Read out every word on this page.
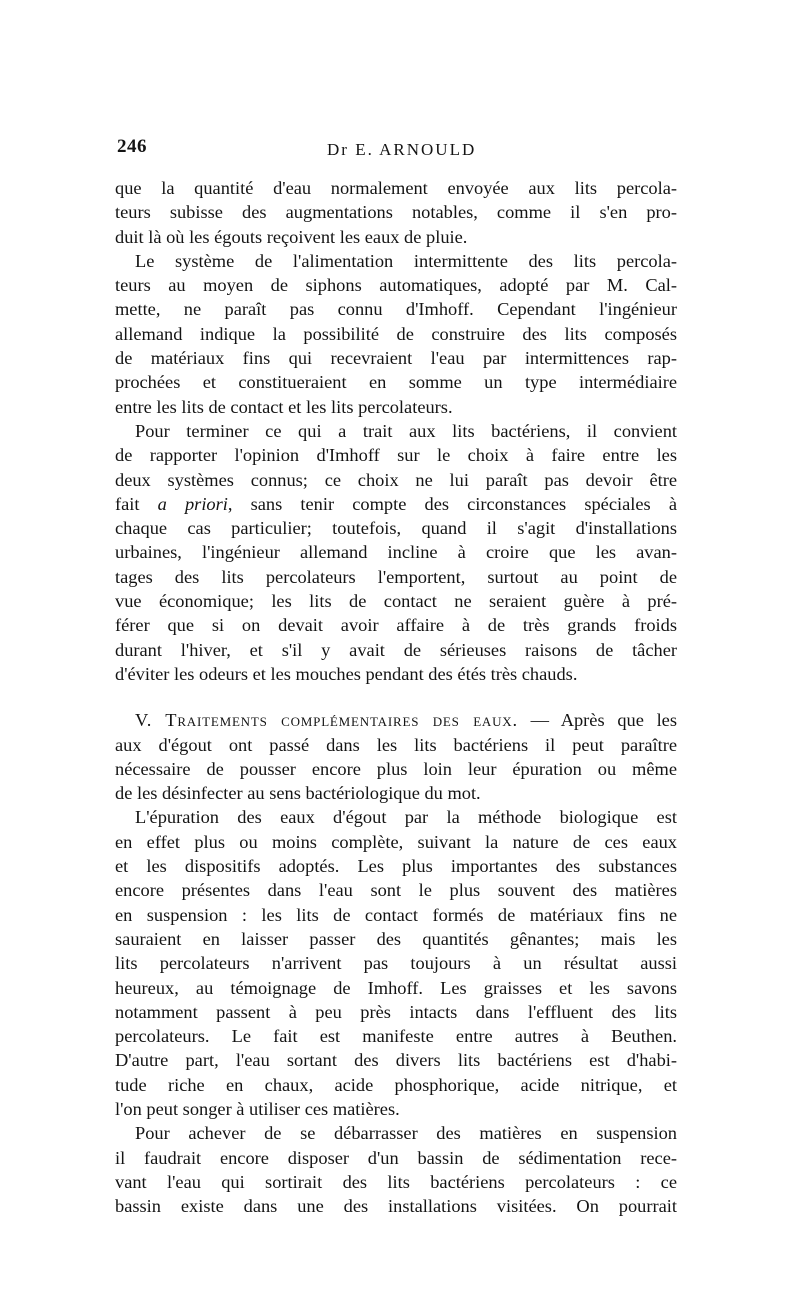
246	Dr E. ARNOULD
que la quantité d'eau normalement envoyée aux lits percola-
teurs subisse des augmentations notables, comme il s'en pro-
duit là où les égouts reçoivent les eaux de pluie.
Le système de l'alimentation intermittente des lits percola-
teurs au moyen de siphons automatiques, adopté par M. Cal-
mette, ne paraît pas connu d'Imhoff. Cependant l'ingénieur
allemand indique la possibilité de construire des lits composés
de matériaux fins qui recevraient l'eau par intermittences rap-
prochées et constitueraient en somme un type intermédiaire
entre les lits de contact et les lits percolateurs.
Pour terminer ce qui a trait aux lits bactériens, il convient
de rapporter l'opinion d'Imhoff sur le choix à faire entre les
deux systèmes connus; ce choix ne lui paraît pas devoir être
fait a priori, sans tenir compte des circonstances spéciales à
chaque cas particulier; toutefois, quand il s'agit d'installations
urbaines, l'ingénieur allemand incline à croire que les avan-
tages des lits percolateurs l'emportent, surtout au point de
vue économique; les lits de contact ne seraient guère à pré-
férer que si on devait avoir affaire à de très grands froids
durant l'hiver, et s'il y avait de sérieuses raisons de tâcher
d'éviter les odeurs et les mouches pendant des étés très chauds.
V. Traitements complémentaires des eaux. — Après que les
aux d'égout ont passé dans les lits bactériens il peut paraître
nécessaire de pousser encore plus loin leur épuration ou même
de les désinfecter au sens bactériologique du mot.
L'épuration des eaux d'égout par la méthode biologique est
en effet plus ou moins complète, suivant la nature de ces eaux
et les dispositifs adoptés. Les plus importantes des substances
encore présentes dans l'eau sont le plus souvent des matières
en suspension : les lits de contact formés de matériaux fins ne
sauraient en laisser passer des quantités gênantes; mais les
lits percolateurs n'arrivent pas toujours à un résultat aussi
heureux, au témoignage de Imhoff. Les graisses et les savons
notamment passent à peu près intacts dans l'effluent des lits
percolateurs. Le fait est manifeste entre autres à Beuthen.
D'autre part, l'eau sortant des divers lits bactériens est d'habi-
tude riche en chaux, acide phosphorique, acide nitrique, et
l'on peut songer à utiliser ces matières.
Pour achever de se débarrasser des matières en suspension
il faudrait encore disposer d'un bassin de sédimentation rece-
vant l'eau qui sortirait des lits bactériens percolateurs : ce
bassin existe dans une des installations visitées. On pourrait
